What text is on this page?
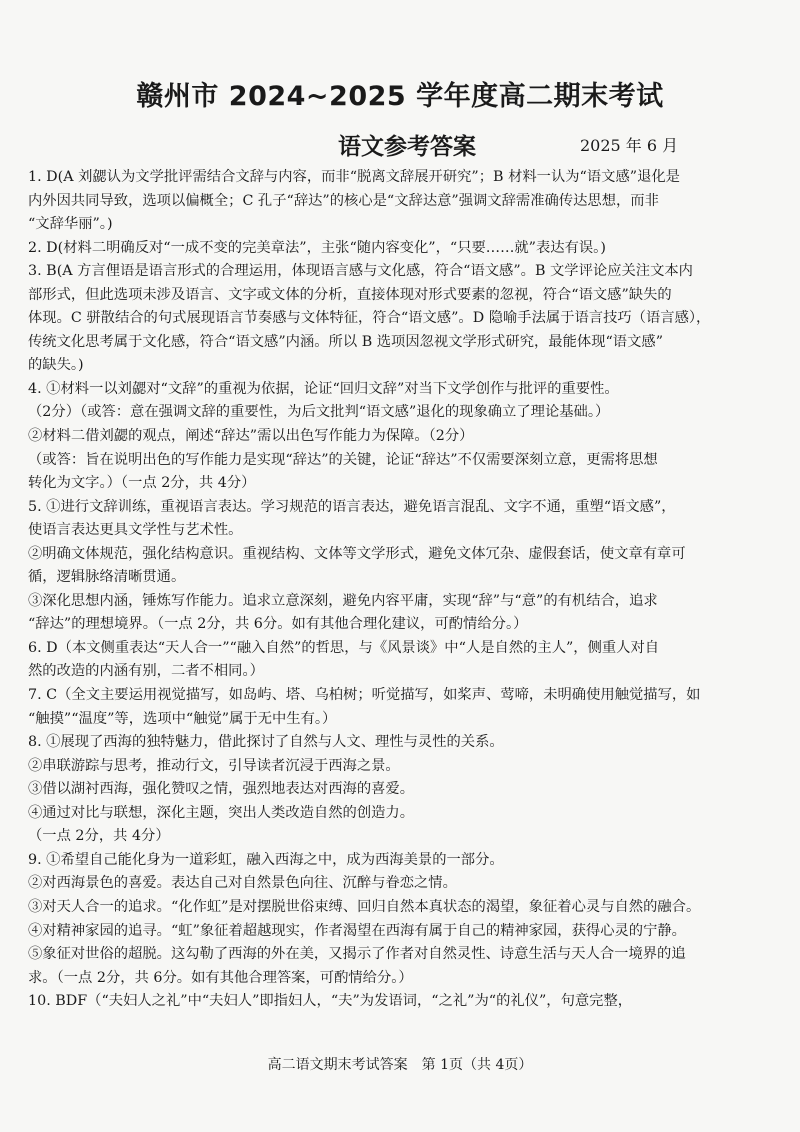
赣州市 2024~2025 学年度高二期末考试
语文参考答案	2025 年 6 月
1. D(A 刘勰认为文学批评需结合文辞与内容，而非“脱离文辞展开研究”；B 材料一认为“语文感”退化是
内外因共同导致，选项以偏概全；C 孔子“辞达”的核心是“文辞达意”强调文辞需准确传达思想，而非
“文辞华丽”。)
2. D(材料二明确反对“一成不变的完美章法”，主张“随内容变化”，“只要……就”表达有误。)
3. B(A 方言俚语是语言形式的合理运用，体现语言感与文化感，符合“语文感”。B 文学评论应关注文本内
部形式，但此选项未涉及语言、文字或文体的分析，直接体现对形式要素的忽视，符合“语文感”缺失的
体现。C 骈散结合的句式展现语言节奏感与文体特征，符合“语文感”。D 隐喻手法属于语言技巧（语言感），
传统文化思考属于文化感，符合“语文感”内涵。所以 B 选项因忽视文学形式研究，最能体现“语文感”
的缺失。)
4. ①材料一以刘勰对“文辞”的重视为依据，论证“回归文辞”对当下文学创作与批评的重要性。
（2分）（或答：意在强调文辞的重要性，为后文批判“语文感”退化的现象确立了理论基础。）
②材料二借刘勰的观点，阐述“辞达”需以出色写作能力为保障。（2分）
（或答：旨在说明出色的写作能力是实现“辞达”的关键，论证“辞达”不仅需要深刻立意，更需将思想
转化为文字。）（一点 2分，共 4分）
5. ①进行文辞训练，重视语言表达。学习规范的语言表达，避免语言混乱、文字不通，重塑“语文感”，
使语言表达更具文学性与艺术性。
②明确文体规范，强化结构意识。重视结构、文体等文学形式，避免文体冗杂、虚假套话，使文章有章可
循，逻辑脉络清晰贯通。
③深化思想内涵，锤炼写作能力。追求立意深刻，避免内容平庸，实现“辞”与“意”的有机结合，追求
“辞达”的理想境界。（一点 2分，共 6分。如有其他合理化建议，可酌情给分。）
6. D（本文侧重表达“天人合一”“融入自然”的哲思，与《风景谈》中“人是自然的主人”，侧重人对自
然的改造的内涵有别，二者不相同。）
7. C（全文主要运用视觉描写，如岛屿、塔、乌柏树；听觉描写，如桨声、莺啼，未明确使用触觉描写，如
“触摸”“温度”等，选项中“触觉”属于无中生有。）
8. ①展现了西海的独特魅力，借此探讨了自然与人文、理性与灵性的关系。
②串联游踪与思考，推动行文，引导读者沉浸于西海之景。
③借以湖衬西海，强化赞叹之情，强烈地表达对西海的喜爱。
④通过对比与联想，深化主题，突出人类改造自然的创造力。
（一点 2分，共 4分）
9. ①希望自己能化身为一道彩虹，融入西海之中，成为西海美景的一部分。
②对西海景色的喜爱。表达自己对自然景色向往、沉醉与眷恋之情。
③对天人合一的追求。“化作虹”是对摆脱世俗束缚、回归自然本真状态的渴望，象征着心灵与自然的融合。
④对精神家园的追寻。“虹”象征着超越现实，作者渴望在西海有属于自己的精神家园，获得心灵的宁静。
⑤象征对世俗的超脱。这勾勒了西海的外在美，又揭示了作者对自然灵性、诗意生活与天人合一境界的追
求。（一点 2分，共 6分。如有其他合理答案，可酌情给分。）
10. BDF（“夫妇人之礼”中“夫妇人”即指妇人，“夫”为发语词，“之礼”为“的礼仪”，句意完整，
高二语文期末考试答案　第 1页（共 4页）
